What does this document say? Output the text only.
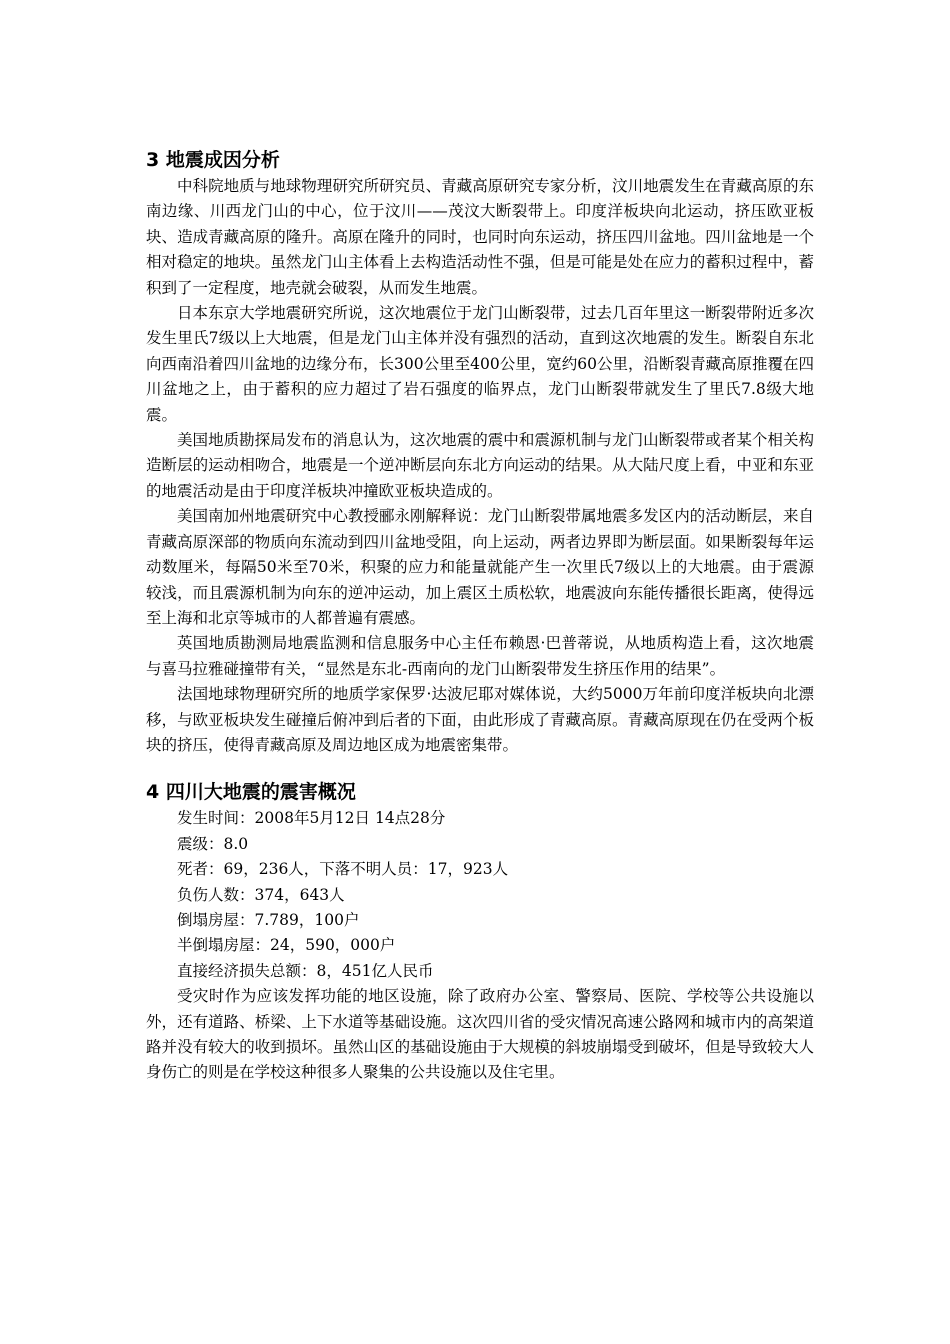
3 地震成因分析

中科院地质与地球物理研究所研究员、青藏高原研究专家分析，汶川地震发生在青藏高原的东南边缘、川西龙门山的中心，位于汶川——茂汶大断裂带上。印度洋板块向北运动，挤压欧亚板块、造成青藏高原的隆升。高原在隆升的同时，也同时向东运动，挤压四川盆地。四川盆地是一个相对稳定的地块。虽然龙门山主体看上去构造活动性不强，但是可能是处在应力的蓄积过程中，蓄积到了一定程度，地壳就会破裂，从而发生地震。

日本东京大学地震研究所说，这次地震位于龙门山断裂带，过去几百年里这一断裂带附近多次发生里氏7级以上大地震，但是龙门山主体并没有强烈的活动，直到这次地震的发生。断裂自东北向西南沿着四川盆地的边缘分布，长300公里至400公里，宽约60公里，沿断裂青藏高原推覆在四川盆地之上，由于蓄积的应力超过了岩石强度的临界点，龙门山断裂带就发生了里氏7.8级大地震。

美国地质勘探局发布的消息认为，这次地震的震中和震源机制与龙门山断裂带或者某个相关构造断层的运动相吻合，地震是一个逆冲断层向东北方向运动的结果。从大陆尺度上看，中亚和东亚的地震活动是由于印度洋板块冲撞欧亚板块造成的。

美国南加州地震研究中心教授郦永刚解释说：龙门山断裂带属地震多发区内的活动断层，来自青藏高原深部的物质向东流动到四川盆地受阻，向上运动，两者边界即为断层面。如果断裂每年运动数厘米，每隔50米至70米，积聚的应力和能量就能产生一次里氏7级以上的大地震。由于震源较浅，而且震源机制为向东的逆冲运动，加上震区土质松软，地震波向东能传播很长距离，使得远至上海和北京等城市的人都普遍有震感。

英国地质勘测局地震监测和信息服务中心主任布赖恩·巴普蒂说，从地质构造上看，这次地震与喜马拉雅碰撞带有关，“显然是东北-西南向的龙门山断裂带发生挤压作用的结果”。

法国地球物理研究所的地质学家保罗·达波尼耶对媒体说，大约5000万年前印度洋板块向北漂移，与欧亚板块发生碰撞后俯冲到后者的下面，由此形成了青藏高原。青藏高原现在仍在受两个板块的挤压，使得青藏高原及周边地区成为地震密集带。

4 四川大地震的震害概况

发生时间：2008年5月12日 14点28分

震级：8.0

死者：69，236人，下落不明人员：17，923人

负伤人数：374，643人

倒塌房屋：7.789，100户

半倒塌房屋：24，590，000户

直接经济损失总额：8，451亿人民币

受灾时作为应该发挥功能的地区设施，除了政府办公室、警察局、医院、学校等公共设施以外，还有道路、桥梁、上下水道等基础设施。这次四川省的受灾情况高速公路网和城市内的高架道路并没有较大的收到损坏。虽然山区的基础设施由于大规模的斜坡崩塌受到破坏，但是导致较大人身伤亡的则是在学校这种很多人聚集的公共设施以及住宅里。
